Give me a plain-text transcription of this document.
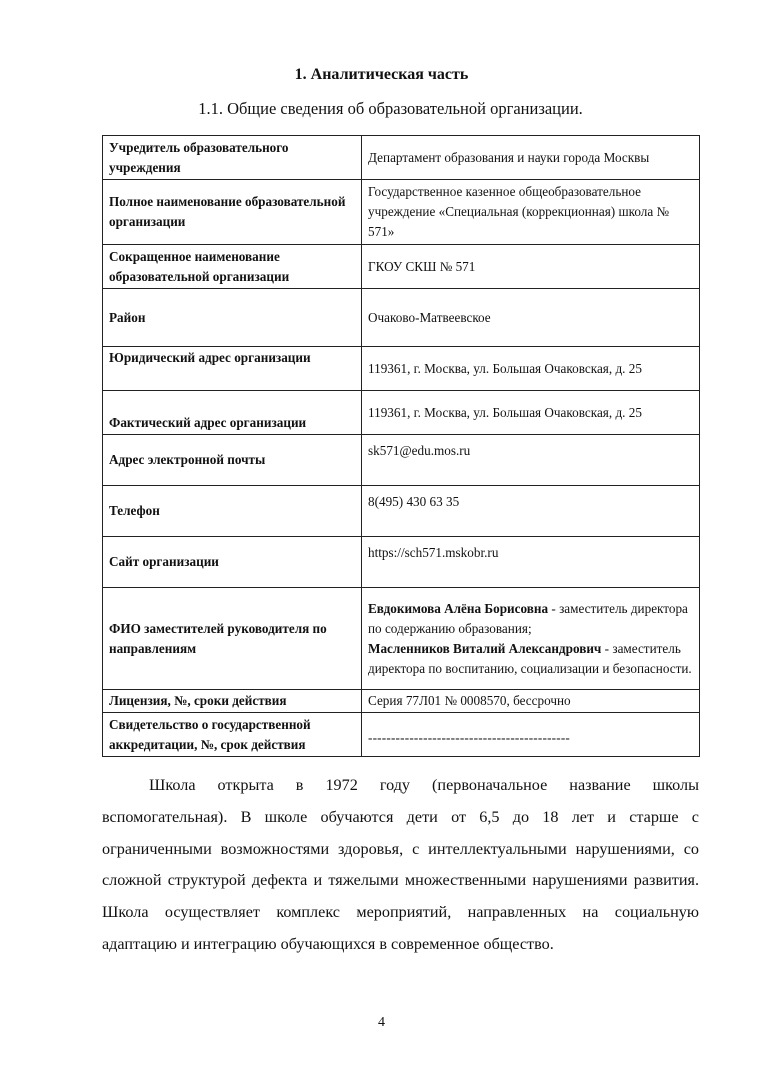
1. Аналитическая часть
1.1. Общие сведения об образовательной организации.
Учредитель образовательного учреждения	Департамент образования и науки города Москвы
Полное наименование образовательной организации	Государственное казенное общеобразовательное учреждение «Специальная (коррекционная) школа № 571»
Сокращенное наименование образовательной организации	ГКОУ СКШ № 571
Район	Очаково-Матвеевское
Юридический адрес организации	119361, г. Москва, ул. Большая Очаковская, д. 25
Фактический адрес организации	119361, г. Москва, ул. Большая Очаковская, д. 25
Адрес электронной почты	sk571@edu.mos.ru
Телефон	8(495) 430 63 35
Сайт организации	https://sch571.mskobr.ru
ФИО заместителей руководителя по направлениям	Евдокимова Алёна Борисовна - заместитель директора по содержанию образования;
Масленников Виталий Александрович - заместитель директора по воспитанию, социализации и безопасности.
Лицензия, №, сроки действия	Серия 77Л01 № 0008570, бессрочно
Свидетельство о государственной аккредитации, №, срок действия	--------------------------------------------

Школа открыта в 1972 году (первоначальное название школы вспомогательная). В школе обучаются дети от 6,5 до 18 лет и старше с ограниченными возможностями здоровья, с интеллектуальными нарушениями, со сложной структурой дефекта и тяжелыми множественными нарушениями развития. Школа осуществляет комплекс мероприятий, направленных на социальную адаптацию и интеграцию обучающихся в современное общество.

4
